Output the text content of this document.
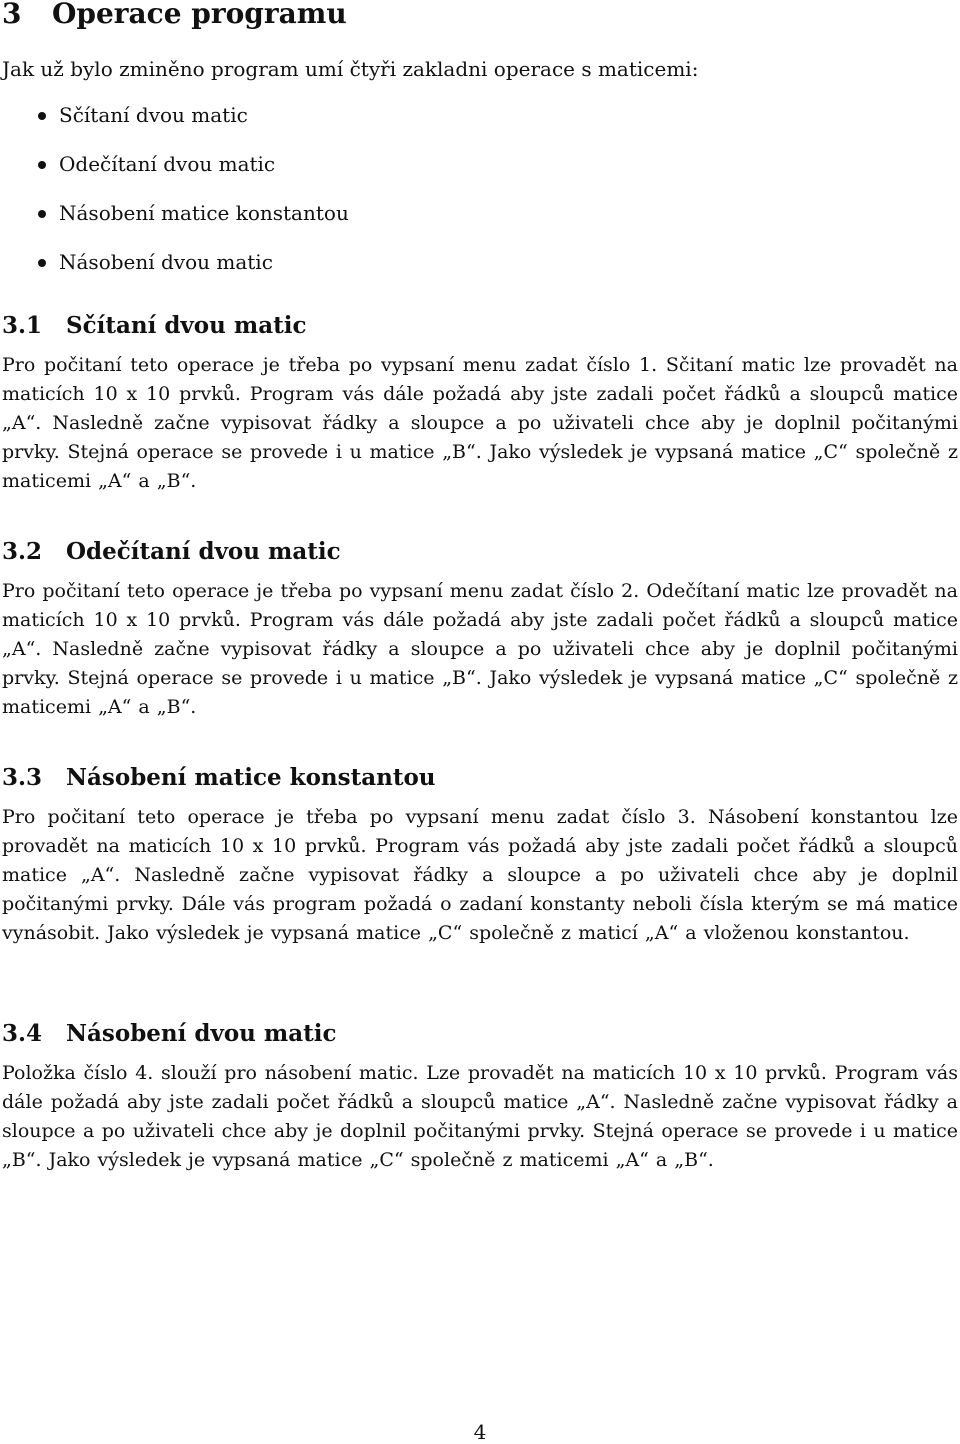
3 Operace programu

Jak už bylo zminěno program umí čtyři zakladni operace s maticemi:

Sčítaní dvou matic
Odečítaní dvou matic
Násobení matice konstantou
Násobení dvou matic
3.1 Sčítaní dvou matic

Pro počitaní teto operace je třeba po vypsaní menu zadat číslo 1. Sčitaní matic lze provadět na maticích 10 x 10 prvků. Program vás dále požadá aby jste zadali počet řádků a sloupců matice „A“. Nasledně začne vypisovat řádky a sloupce a po uživateli chce aby je doplnil počitanými prvky. Stejná operace se provede i u matice „B“. Jako výsledek je vypsaná matice „C“ společně z maticemi „A“ a „B“.

3.2 Odečítaní dvou matic

Pro počitaní teto operace je třeba po vypsaní menu zadat číslo 2. Odečítaní matic lze provadět na maticích 10 x 10 prvků. Program vás dále požadá aby jste zadali počet řádků a sloupců matice „A“. Nasledně začne vypisovat řádky a sloupce a po uživateli chce aby je doplnil počitanými prvky. Stejná operace se provede i u matice „B“. Jako výsledek je vypsaná matice „C“ společně z maticemi „A“ a „B“.

3.3 Násobení matice konstantou

Pro počitaní teto operace je třeba po vypsaní menu zadat číslo 3. Násobení konstantou lze provadět na maticích 10 x 10 prvků. Program vás požadá aby jste zadali počet řádků a sloupců matice „A“. Nasledně začne vypisovat řádky a sloupce a po uživateli chce aby je doplnil počitanými prvky. Dále vás program požadá o zadaní konstanty neboli čísla kterým se má matice vynásobit. Jako výsledek je vypsaná matice „C“ společně z maticí „A“ a vloženou konstantou.

3.4 Násobení dvou matic

Položka číslo 4. slouží pro násobení matic. Lze provadět na maticích 10 x 10 prvků. Program vás dále požadá aby jste zadali počet řádků a sloupců matice „A“. Nasledně začne vypisovat řádky a sloupce a po uživateli chce aby je doplnil počitanými prvky. Stejná operace se provede i u matice „B“. Jako výsledek je vypsaná matice „C“ společně z maticemi „A“ a „B“.

4
